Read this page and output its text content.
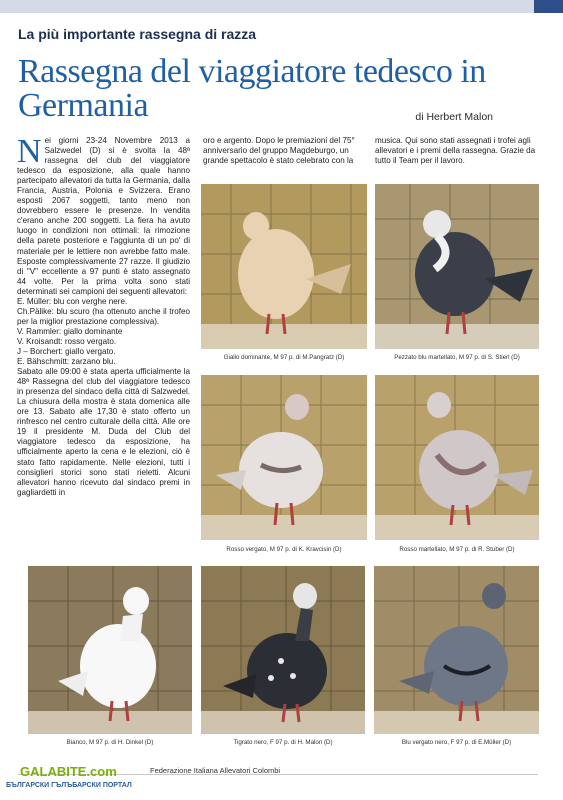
La più importante rassegna di razza
Rassegna del viaggiatore tedesco in Germania	di Herbert Malon
N ei giorni 23-24 Novembre 2013 a Salzwedel (D) si è svolta la 48ª rassegna del club del viaggiatore tedesco da esposizione, alla quale hanno partecipato allevatori da tutta la Germania, dalla Francia, Austria, Polonia e Svizzera. Erano esposti 2067 soggetti, tanto meno non dovrebbero essere le presenze. In vendita c'erano anche 200 soggetti. La fiera ha avuto luogo in condizioni non ottimali: la rimozione della parete posteriore e l'aggiunta di un po' di materiale per le lettiere non avrebbe fatto male. Esposte complessivamente 27 razze. Il giudizio di "V" eccellente a 97 punti è stato assegnato 44 volte. Per la prima volta sono stati determinati sei campioni dei seguenti allevatori:

E. Müller: blu con verghe nere.

Ch.Pälike: blu scuro (ha ottenuto anche il trofeo per la miglior prestazione complessiva).

V. Rammler: giallo dominante

V. Kroisandt: rosso vergato.

J – Borchert: giallo vergato.

E. Bähschmitt: zarzano blu.

Sabato alle 09:00 è stata aperta ufficialmente la 48ª Rassegna del club del viaggiatore tedesco in presenza del sindaco della città di Salzwedel. La chiusura della mostra è stata domenica alle ore 13. Sabato alle 17,30 è stato offerto un rinfresco nel centro culturale della città. Alle ore 19 il presidente M. Duda del Club del viaggiatore tedesco da esposizione, ha ufficialmente aperto la cena e le elezioni, ciò è stato fatto rapidamente. Nelle elezioni, tutti i consiglieri storici sono stati rieletti. Alcuni allevatori hanno ricevuto dal sindaco premi in gagliardetti in

oro e argento. Dopo le premiazioni del 75° anniversario del gruppo Magdeburgo, un grande spettacolo è stato celebrato con la
musica. Qui sono stati assegnati i trofei agli allevatori e i premi della rassegna. Grazie da tutto il Team per il lavoro.
Giallo dominante, M 97 p. di M.Pangratz (D)	Pezzato blu martellato, M 97 p. di S. Stierl (D)
Rosso vergato, M 97 p. di K. Kravcisin (D)	Rosso martellato, M 97 p. di R. Stuber (D)
Bianco, M 97 p. di H. Dinkel (D)	Tigrato nero, F 97 p. di H. Malon (D)	Blu vergato nero, F 97 p. di E.Müller (D)
Federazione Italiana Allevatori Colombi
GALABITE.com
БЪЛГАРСКИ ГЪЛЪБАРСКИ ПОРТАЛ
